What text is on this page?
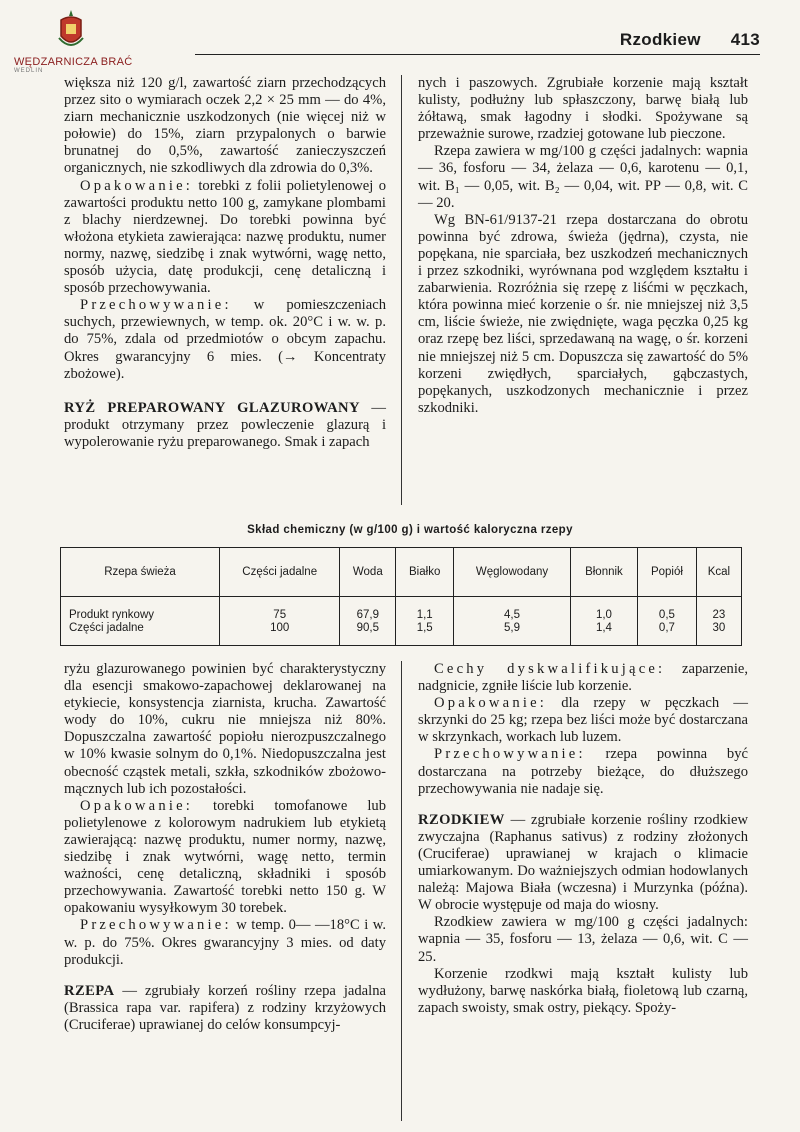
WĘDZARNICZA BRAĆ
WEDLIN
Rzodkiew 413

większa niż 120 g/l, zawartość ziarn przechodzących przez sito o wymiarach oczek 2,2 × 25 mm — do 4%, ziarn mechanicznie uszkodzonych (nie więcej niż w połowie) do 15%, ziarn przypalonych o barwie brunatnej do 0,5%, zawartość zanieczyszczeń organicznych, nie szkodliwych dla zdrowia do 0,3%.

Opakowanie: torebki z folii polietylenowej o zawartości produktu netto 100 g, zamykane plombami z blachy nierdzewnej. Do torebki powinna być włożona etykieta zawierająca: nazwę produktu, numer normy, nazwę, siedzibę i znak wytwórni, wagę netto, sposób użycia, datę produkcji, cenę detaliczną i sposób przechowywania.

Przechowywanie: w pomieszczeniach suchych, przewiewnych, w temp. ok. 20°C i w. w. p. do 75%, zdala od przedmiotów o obcym zapachu. Okres gwarancyjny 6 mies. (→ Koncentraty zbożowe).

RYŻ PREPAROWANY GLAZUROWANY — produkt otrzymany przez powleczenie glazurą i wypolerowanie ryżu preparowanego. Smak i zapach

nych i paszowych. Zgrubiałe korzenie mają kształt kulisty, podłużny lub spłaszczony, barwę białą lub żółtawą, smak łagodny i słodki. Spożywane są przeważnie surowe, rzadziej gotowane lub pieczone.

Rzepa zawiera w mg/100 g części jadalnych: wapnia — 36, fosforu — 34, żelaza — 0,6, karotenu — 0,1, wit. B₁ — 0,05, wit. B₂ — 0,04, wit. PP — 0,8, wit. C — 20.

Wg BN-61/9137-21 rzepa dostarczana do obrotu powinna być zdrowa, świeża (jędrna), czysta, nie popękana, nie sparciała, bez uszkodzeń mechanicznych i przez szkodniki, wyrównana pod względem kształtu i zabarwienia. Rozróżnia się rzepę z liśćmi w pęczkach, która powinna mieć korzenie o śr. nie mniejszej niż 3,5 cm, liście świeże, nie zwiędnięte, waga pęczka 0,25 kg oraz rzepę bez liści, sprzedawaną na wagę, o śr. korzeni nie mniejszej niż 5 cm. Dopuszcza się zawartość do 5% korzeni zwiędłych, sparciałych, gąbczastych, popękanych, uszkodzonych mechanicznie i przez szkodniki.

Skład chemiczny (w g/100 g) i wartość kaloryczna rzepy
Rzepa świeża	Części jadalne	Woda	Białko	Węglowodany	Błonnik	Popiół	Kcal
Produkt rynkowy	75	67,9	1,1	4,5	1,0	0,5	23
Części jadalne	100	90,5	1,5	5,9	1,4	0,7	30

ryżu glazurowanego powinien być charakterystyczny dla esencji smakowo-zapachowej deklarowanej na etykiecie, konsystencja ziarnista, krucha. Zawartość wody do 10%, cukru nie mniejsza niż 80%. Dopuszczalna zawartość popiołu nierozpuszczalnego w 10% kwasie solnym do 0,1%. Niedopuszczalna jest obecność cząstek metali, szkła, szkodników zbożowo-mącznych lub ich pozostałości.

Opakowanie: torebki tomofanowe lub polietylenowe z kolorowym nadrukiem lub etykietą zawierającą: nazwę produktu, numer normy, nazwę, siedzibę i znak wytwórni, wagę netto, termin ważności, cenę detaliczną, składniki i sposób przechowywania. Zawartość torebki netto 150 g. W opakowaniu wysyłkowym 30 torebek.

Przechowywanie: w temp. 0— —18°C i w. w. p. do 75%. Okres gwarancyjny 3 mies. od daty produkcji.

RZEPA — zgrubiały korzeń rośliny rzepa jadalna (Brassica rapa var. rapifera) z rodziny krzyżowych (Cruciferae) uprawianej do celów konsumpcyj-

Cechy dyskwalifikujące: zaparzenie, nadgnicie, zgniłe liście lub korzenie.

Opakowanie: dla rzepy w pęczkach — skrzynki do 25 kg; rzepa bez liści może być dostarczana w skrzynkach, workach lub luzem.

Przechowywanie: rzepa powinna być dostarczana na potrzeby bieżące, do dłuższego przechowywania nie nadaje się.

RZODKIEW — zgrubiałe korzenie rośliny rzodkiew zwyczajna (Raphanus sativus) z rodziny złożonych (Cruciferae) uprawianej w krajach o klimacie umiarkowanym. Do ważniejszych odmian hodowlanych należą: Majowa Biała (wczesna) i Murzynka (późna). W obrocie występuje od maja do wiosny.

Rzodkiew zawiera w mg/100 g części jadalnych: wapnia — 35, fosforu — 13, żelaza — 0,6, wit. C — 25.

Korzenie rzodkwi mają kształt kulisty lub wydłużony, barwę naskórka białą, fioletową lub czarną, zapach swoisty, smak ostry, piekący. Spoży-
